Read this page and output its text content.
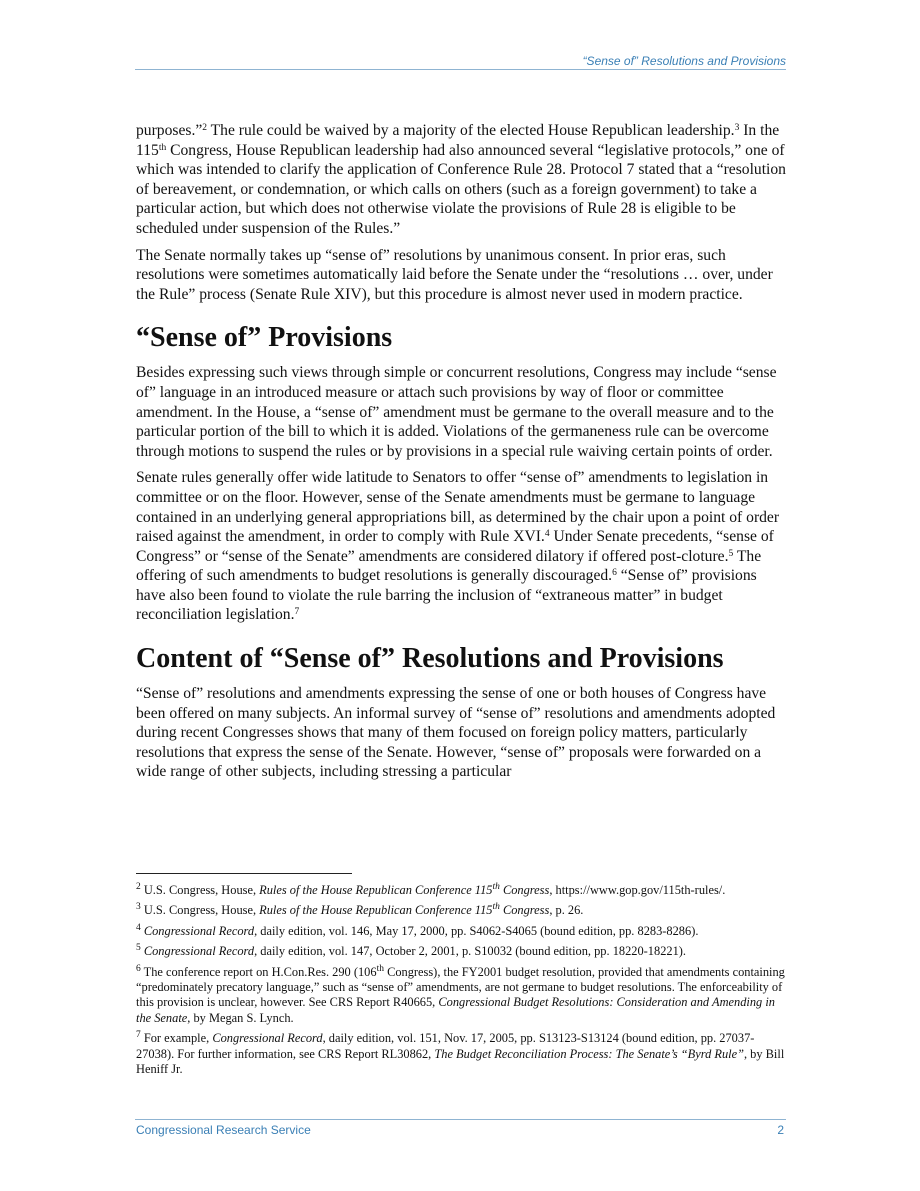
“Sense of” Resolutions and Provisions

purposes.”$^2$ The rule could be waived by a majority of the elected House Republican leadership.$^3$ In the 115th Congress, House Republican leadership had also announced several “legislative protocols,” one of which was intended to clarify the application of Conference Rule 28. Protocol 7 stated that a “resolution of bereavement, or condemnation, or which calls on others (such as a foreign government) to take a particular action, but which does not otherwise violate the provisions of Rule 28 is eligible to be scheduled under suspension of the Rules.”

The Senate normally takes up “sense of” resolutions by unanimous consent. In prior eras, such resolutions were sometimes automatically laid before the Senate under the “resolutions … over, under the Rule” process (Senate Rule XIV), but this procedure is almost never used in modern practice.

“Sense of” Provisions

Besides expressing such views through simple or concurrent resolutions, Congress may include “sense of” language in an introduced measure or attach such provisions by way of floor or committee amendment. In the House, a “sense of” amendment must be germane to the overall measure and to the particular portion of the bill to which it is added. Violations of the germaneness rule can be overcome through motions to suspend the rules or by provisions in a special rule waiving certain points of order.

Senate rules generally offer wide latitude to Senators to offer “sense of” amendments to legislation in committee or on the floor. However, sense of the Senate amendments must be germane to language contained in an underlying general appropriations bill, as determined by the chair upon a point of order raised against the amendment, in order to comply with Rule XVI.$^4$ Under Senate precedents, “sense of Congress” or “sense of the Senate” amendments are considered dilatory if offered post-cloture.$^5$ The offering of such amendments to budget resolutions is generally discouraged.$^6$ “Sense of” provisions have also been found to violate the rule barring the inclusion of “extraneous matter” in budget reconciliation legislation.$^7$

Content of “Sense of” Resolutions and Provisions

“Sense of” resolutions and amendments expressing the sense of one or both houses of Congress have been offered on many subjects. An informal survey of “sense of” resolutions and amendments adopted during recent Congresses shows that many of them focused on foreign policy matters, particularly resolutions that express the sense of the Senate. However, “sense of” proposals were forwarded on a wide range of other subjects, including stressing a particular

$^2$ U.S. Congress, House, Rules of the House Republican Conference 115th Congress, https://www.gop.gov/115th-rules/.

$^3$ U.S. Congress, House, Rules of the House Republican Conference 115th Congress, p. 26.

$^4$ Congressional Record, daily edition, vol. 146, May 17, 2000, pp. S4062-S4065 (bound edition, pp. 8283-8286).

$^5$ Congressional Record, daily edition, vol. 147, October 2, 2001, p. S10032 (bound edition, pp. 18220-18221).

$^6$ The conference report on H.Con.Res. 290 (106th Congress), the FY2001 budget resolution, provided that amendments containing “predominately precatory language,” such as “sense of” amendments, are not germane to budget resolutions. The enforceability of this provision is unclear, however. See CRS Report R40665, Congressional Budget Resolutions: Consideration and Amending in the Senate, by Megan S. Lynch.

$^7$ For example, Congressional Record, daily edition, vol. 151, Nov. 17, 2005, pp. S13123-S13124 (bound edition, pp. 27037-27038). For further information, see CRS Report RL30862, The Budget Reconciliation Process: The Senate’s “Byrd Rule”, by Bill Heniff Jr.

Congressional Research Service	2
